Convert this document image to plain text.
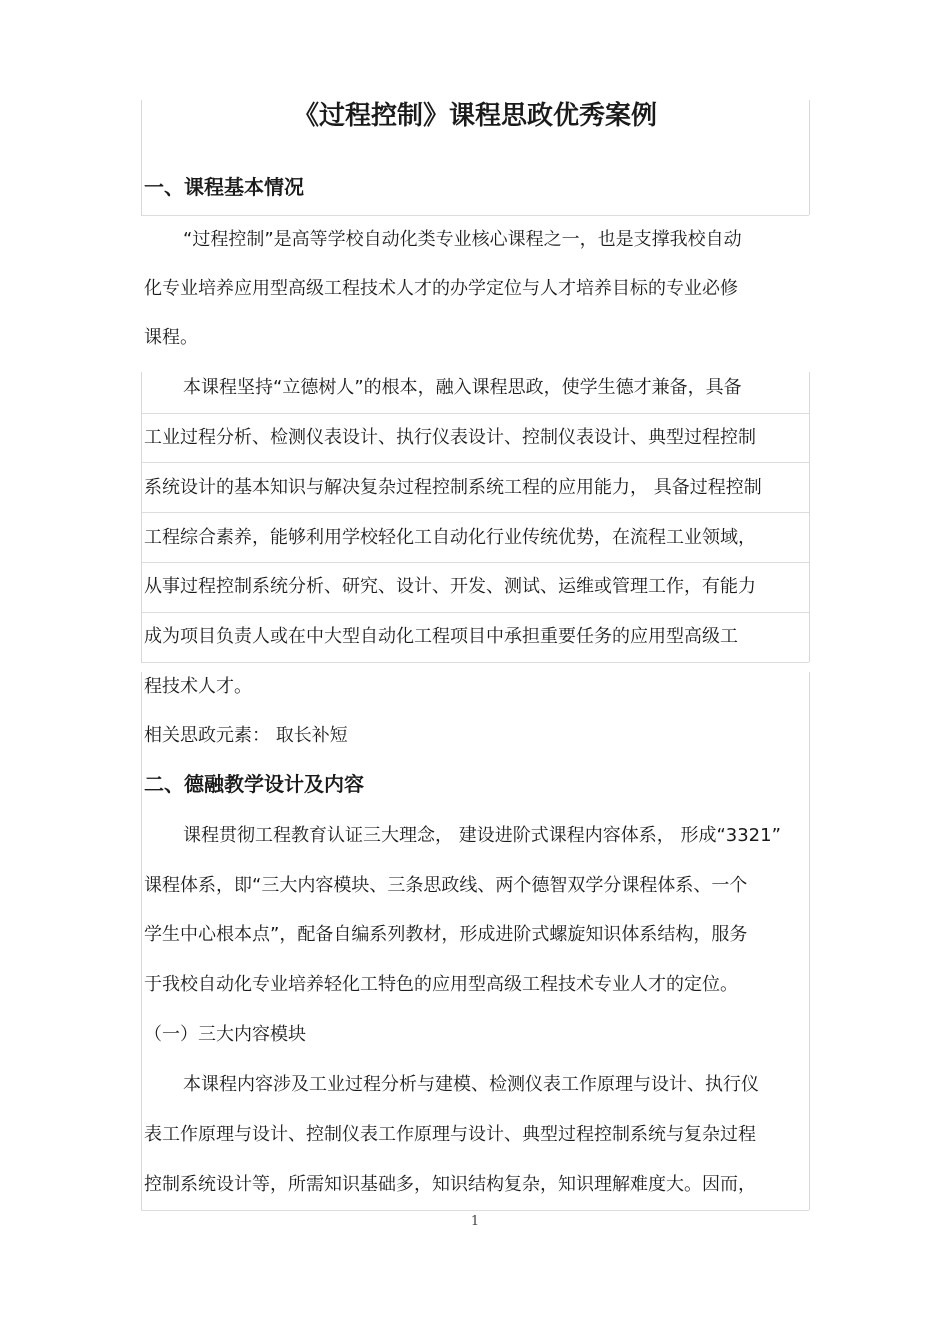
《过程控制》课程思政优秀案例
一、课程基本情况
“过程控制”是高等学校自动化类专业核心课程之一，也是支撑我校自动
化专业培养应用型高级工程技术人才的办学定位与人才培养目标的专业必修
课程。
本课程坚持“立德树人”的根本，融入课程思政，使学生德才兼备，具备
工业过程分析、检测仪表设计、执行仪表设计、控制仪表设计、典型过程控制
系统设计的基本知识与解决复杂过程控制系统工程的应用能力， 具备过程控制
工程综合素养，能够利用学校轻化工自动化行业传统优势，在流程工业领域，
从事过程控制系统分析、研究、设计、开发、测试、运维或管理工作，有能力
成为项目负责人或在中大型自动化工程项目中承担重要任务的应用型高级工
程技术人才。
相关思政元素： 取长补短
二、德融教学设计及内容
课程贯彻工程教育认证三大理念， 建设进阶式课程内容体系， 形成“3321”
课程体系，即“三大内容模块、三条思政线、两个德智双学分课程体系、一个
学生中心根本点”，配备自编系列教材，形成进阶式螺旋知识体系结构，服务
于我校自动化专业培养轻化工特色的应用型高级工程技术专业人才的定位。
（一）三大内容模块
本课程内容涉及工业过程分析与建模、检测仪表工作原理与设计、执行仪
表工作原理与设计、控制仪表工作原理与设计、典型过程控制系统与复杂过程
控制系统设计等，所需知识基础多，知识结构复杂，知识理解难度大。因而，
1
